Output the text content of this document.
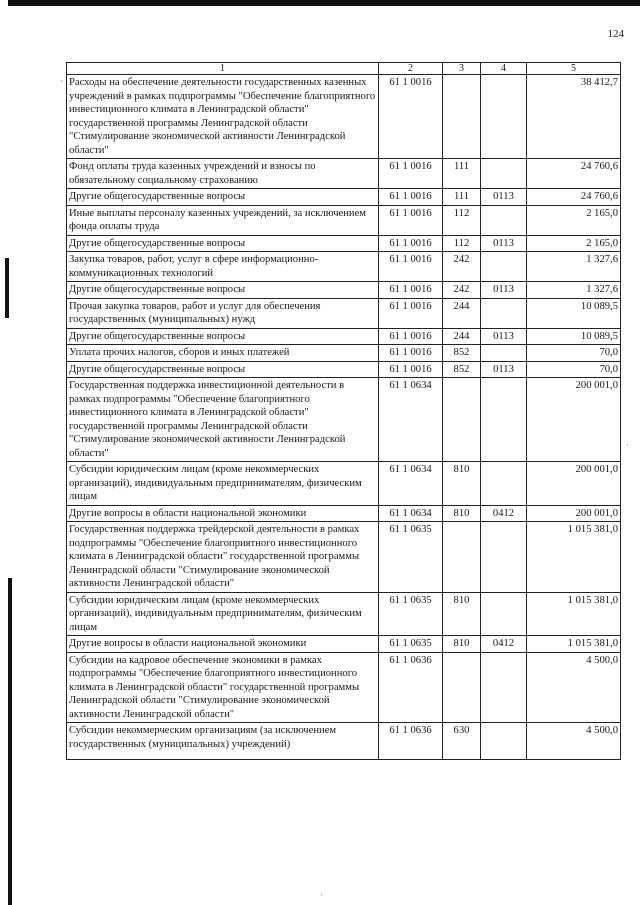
124
·
·
·
1	2	3	4	5
Расходы на обеспечение деятельности государственных казенных учреждений в рамках подпрограммы "Обеспечение благоприятного инвестиционного климата в Ленинградской области" государственной программы Ленинградской области "Стимулирование экономической активности Ленинградской области"	61 1 0016			38 412,7
Фонд оплаты труда казенных учреждений и взносы по обязательному социальному страхованию	61 1 0016	111		24 760,6
Другие общегосударственные вопросы	61 1 0016	111	0113	24 760,6
Иные выплаты персоналу казенных учреждений, за исключением фонда оплаты труда	61 1 0016	112		2 165,0
Другие общегосударственные вопросы	61 1 0016	112	0113	2 165,0
Закупка товаров, работ, услуг в сфере информационно-коммуникационных технологий	61 1 0016	242		1 327,6
Другие общегосударственные вопросы	61 1 0016	242	0113	1 327,6
Прочая закупка товаров, работ и услуг для обеспечения государственных (муниципальных) нужд	61 1 0016	244		10 089,5
Другие общегосударственные вопросы	61 1 0016	244	0113	10 089,5
Уплата прочих налогов, сборов и иных платежей	61 1 0016	852		70,0
Другие общегосударственные вопросы	61 1 0016	852	0113	70,0
Государственная поддержка инвестиционной деятельности в рамках подпрограммы "Обеспечение благоприятного инвестиционного климата в Ленинградской области" государственной программы Ленинградской области "Стимулирование экономической активности Ленинградской области"	61 1 0634			200 001,0
Субсидии юридическим лицам (кроме некоммерческих организаций), индивидуальным предпринимателям, физическим лицам	61 1 0634	810		200 001,0
Другие вопросы в области национальной экономики	61 1 0634	810	0412	200 001,0
Государственная поддержка трейдерской деятельности в рамках подпрограммы "Обеспечение благоприятного инвестиционного климата в Ленинградской области" государственной программы Ленинградской области "Стимулирование экономической активности Ленинградской области"	61 1 0635			1 015 381,0
Субсидии юридическим лицам (кроме некоммерческих организаций), индивидуальным предпринимателям, физическим лицам	61 1 0635	810		1 015 381,0
Другие вопросы в области национальной экономики	61 1 0635	810	0412	1 015 381,0
Субсидии на кадровое обеспечение экономики в рамках подпрограммы "Обеспечение благоприятного инвестиционного климата в Ленинградской области" государственной программы Ленинградской области "Стимулирование экономической активности Ленинградской области"	61 1 0636			4 500,0
Субсидии некоммерческим организациям (за исключением государственных (муниципальных) учреждений)	61 1 0636	630		4 500,0
